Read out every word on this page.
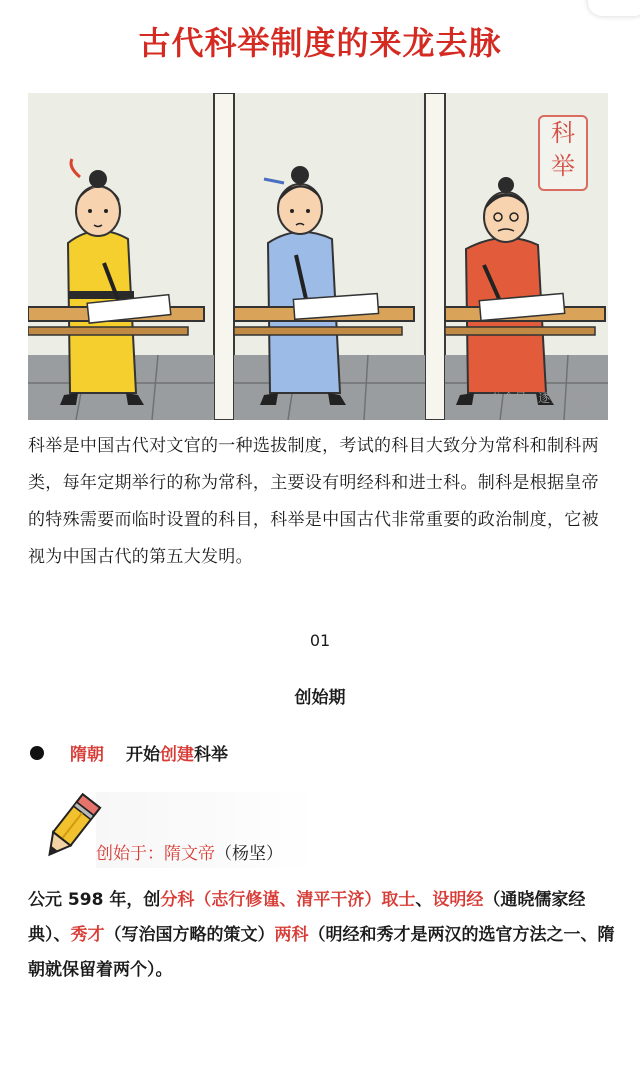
古代科举制度的来龙去脉
科
举
公众号 · 逐梦·浮通
科举是中国古代对文官的一种选拔制度，考试的科目大致分为常科和制科两类，每年定期举行的称为常科，主要设有明经科和进士科。制科是根据皇帝的特殊需要而临时设置的科目，科举是中国古代非常重要的政治制度，它被视为中国古代的第五大发明。
01
创始期
隋朝 开始 创建 科举
创始于：隋文帝（杨坚）
公元 598 年，创分科（志行修谨、清平干济）取士、设明经（通晓儒家经典）、秀才（写治国方略的策文）两科（明经和秀才是两汉的选官方法之一、隋朝就保留着两个）。
